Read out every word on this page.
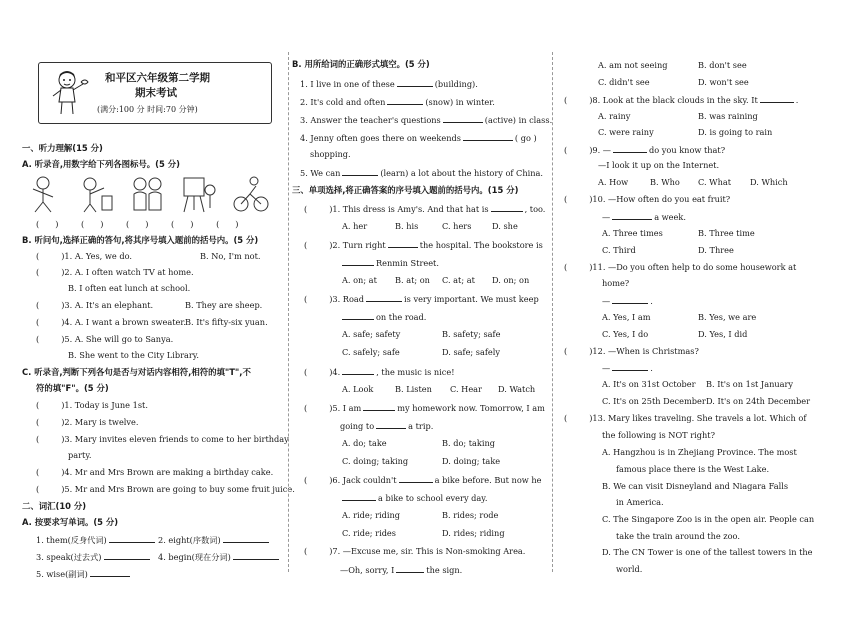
和平区六年级第二学期
期末考试
(满分:100 分 时间:70 分钟)
一、听力理解(15 分)
A. 听录音,用数字给下列各图标号。(5 分)
( )	( )	( )	( )	( )
B. 听问句,选择正确的答句,将其序号填入题前的括号内。(5 分)
(	)1. A. Yes, we do.	B. No, I'm not.
(	)2. A. I often watch TV at home.
B. I often eat lunch at school.
(	)3. A. It's an elephant.	B. They are sheep.
(	)4. A. I want a brown sweater. B. It's fifty-six yuan.
(	)5. A. She will go to Sanya.
B. She went to the City Library.
C. 听录音,判断下列各句是否与对话内容相符,相符的填"T",不
符的填"F"。(5 分)
(	)1. Today is June 1st.
(	)2. Mary is twelve.
(	)3. Mary invites eleven friends to come to her birthday
party.
(	)4. Mr and Mrs Brown are making a birthday cake.
(	)5. Mr and Mrs Brown are going to buy some fruit juice.
二、词汇(10 分)
A. 按要求写单词。(5 分)
1. them(反身代词)	2. eight(序数词)
3. speak(过去式)	4. begin(现在分词)
5. wise(副词)
B. 用所给词的正确形式填空。(5 分)
1. I live in one of these	(building).
2. It's cold and often	(snow) in winter.
3. Answer the teacher's questions	(active) in class.
4. Jenny often goes there on weekends	( go )
shopping.
5. We can	(learn) a lot about the history of China.
三、单项选择,将正确答案的序号填入题前的括号内。(15 分)
(	)1. This dress is Amy's. And that hat is	, too.
A. her	B. his	C. hers	D. she
(	)2. Turn right	the hospital. The bookstore is
Renmin Street.
A. on; at B. at; on C. at; at D. on; on
(	)3. Road	is very important. We must keep
on the road.
A. safe; safety	B. safety; safe
C. safely; safe	D. safe; safely
(	)4.	, the music is nice!
A. Look	B. Listen C. Hear D. Watch
(	)5. I am	my homework now. Tomorrow, I am
going to	a trip.
A. do; take	B. do; taking
C. doing; taking	D. doing; take
(	)6. Jack couldn't	a bike before. But now he
a bike to school every day.
A. ride; riding	B. rides; rode
C. ride; rides	D. rides; riding
(	)7. —Excuse me, sir. This is Non-smoking Area.
—Oh, sorry, I	the sign.
A. am not seeing	B. don't see
C. didn't see	D. won't see
(	)8. Look at the black clouds in the sky. It	.
A. rainy	B. was raining
C. were rainy	D. is going to rain
(	)9. —	do you know that?
—I look it up on the Internet.
A. How	B. Who C. What D. Which
(	)10. —How often do you eat fruit?
—	a week.
A. Three times	B. Three time
C. Third	D. Three
(	)11. —Do you often help to do some housework at
home?
—	.
A. Yes, I am	B. Yes, we are
C. Yes, I do	D. Yes, I did
(	)12. —When is Christmas?
—	.
A. It's on 31st October B. It's on 1st January
C. It's on 25th December D. It's on 24th December
(	)13. Mary likes traveling. She travels a lot. Which of
the following is NOT right?
A. Hangzhou is in Zhejiang Province. The most
famous place there is the West Lake.
B. We can visit Disneyland and Niagara Falls
in America.
C. The Singapore Zoo is in the open air. People can
take the train around the zoo.
D. The CN Tower is one of the tallest towers in the
world.
